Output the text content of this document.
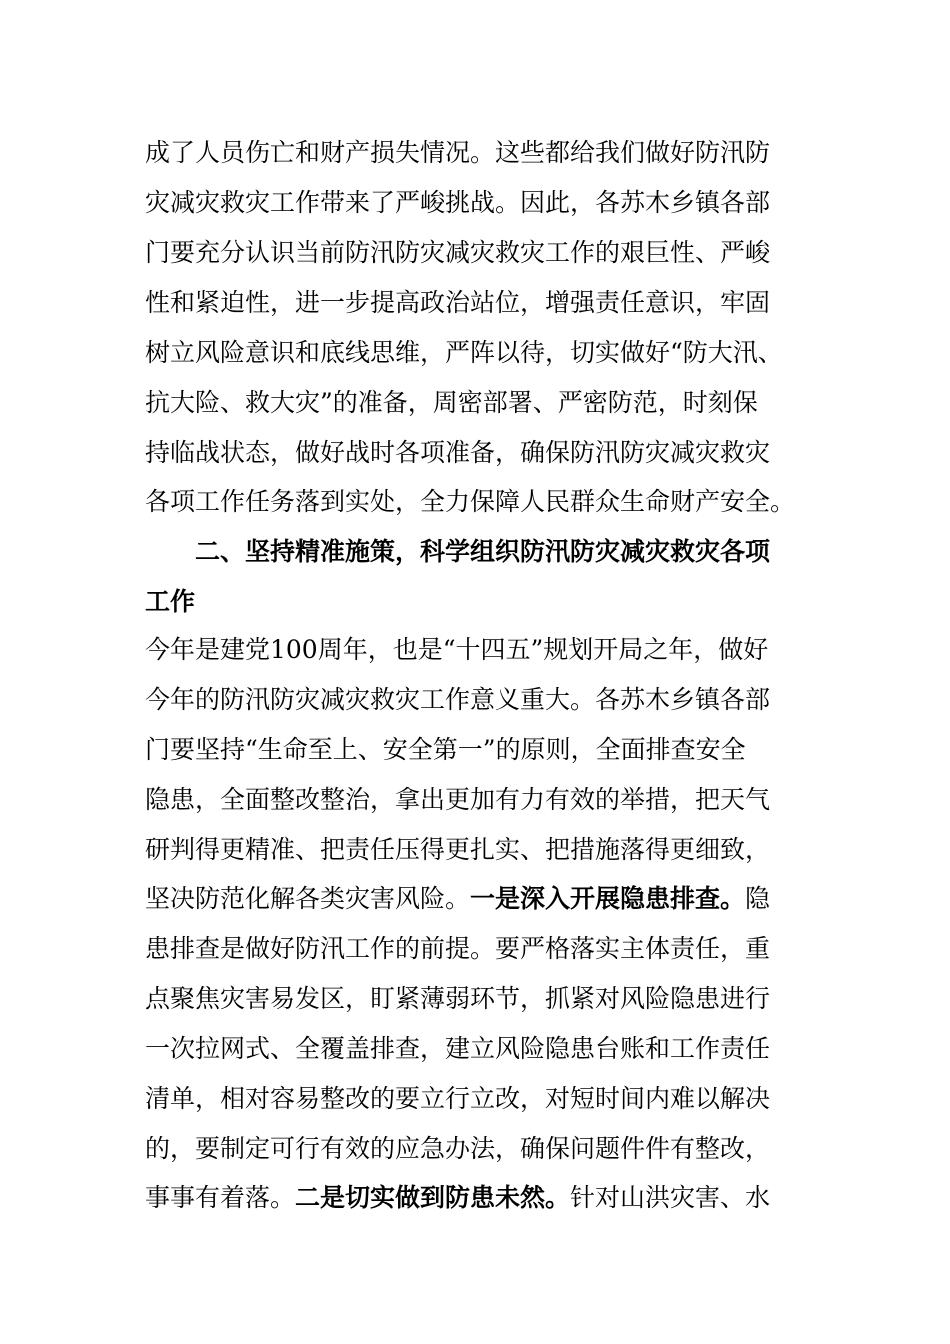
成了人员伤亡和财产损失情况。这些都给我们做好防汛防
灾减灾救灾工作带来了严峻挑战。因此，各苏木乡镇各部
门要充分认识当前防汛防灾减灾救灾工作的艰巨性、严峻
性和紧迫性，进一步提高政治站位，增强责任意识，牢固
树立风险意识和底线思维，严阵以待，切实做好“防大汛、
抗大险、救大灾”的准备，周密部署、严密防范，时刻保
持临战状态，做好战时各项准备，确保防汛防灾减灾救灾
各项工作任务落到实处，全力保障人民群众生命财产安全。
二、坚持精准施策，科学组织防汛防灾减灾救灾各项
工作
今年是建党100周年，也是“十四五”规划开局之年，做好
今年的防汛防灾减灾救灾工作意义重大。各苏木乡镇各部
门要坚持“生命至上、安全第一”的原则，全面排查安全
隐患，全面整改整治，拿出更加有力有效的举措，把天气
研判得更精准、把责任压得更扎实、把措施落得更细致，
坚决防范化解各类灾害风险。一是深入开展隐患排查。隐
患排查是做好防汛工作的前提。要严格落实主体责任，重
点聚焦灾害易发区，盯紧薄弱环节，抓紧对风险隐患进行
一次拉网式、全覆盖排查，建立风险隐患台账和工作责任
清单，相对容易整改的要立行立改，对短时间内难以解决
的，要制定可行有效的应急办法，确保问题件件有整改，
事事有着落。二是切实做到防患未然。针对山洪灾害、水
